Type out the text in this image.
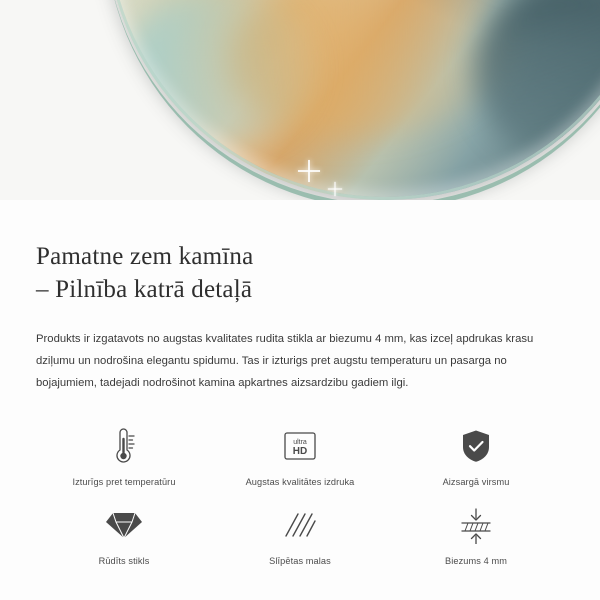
Pamatne zem kamīna
– Pilnība katrā detaļā

Produkts ir izgatavots no augstas kvalitates rudita stikla ar biezumu 4 mm, kas izceļ apdrukas krasu dziļumu un nodrošina elegantu spidumu. Tas ir izturigs pret augstu temperaturu un pasarga no bojajumiem, tadejadi nodrošinot kamina apkartnes aizsardzibu gadiem ilgi.

Izturīgs pret temperatūru
ultra
HD
Augstas kvalitātes izdruka	Aizsargā virsmu
Rūdīts stikls	Slīpētas malas	Biezums 4 mm
